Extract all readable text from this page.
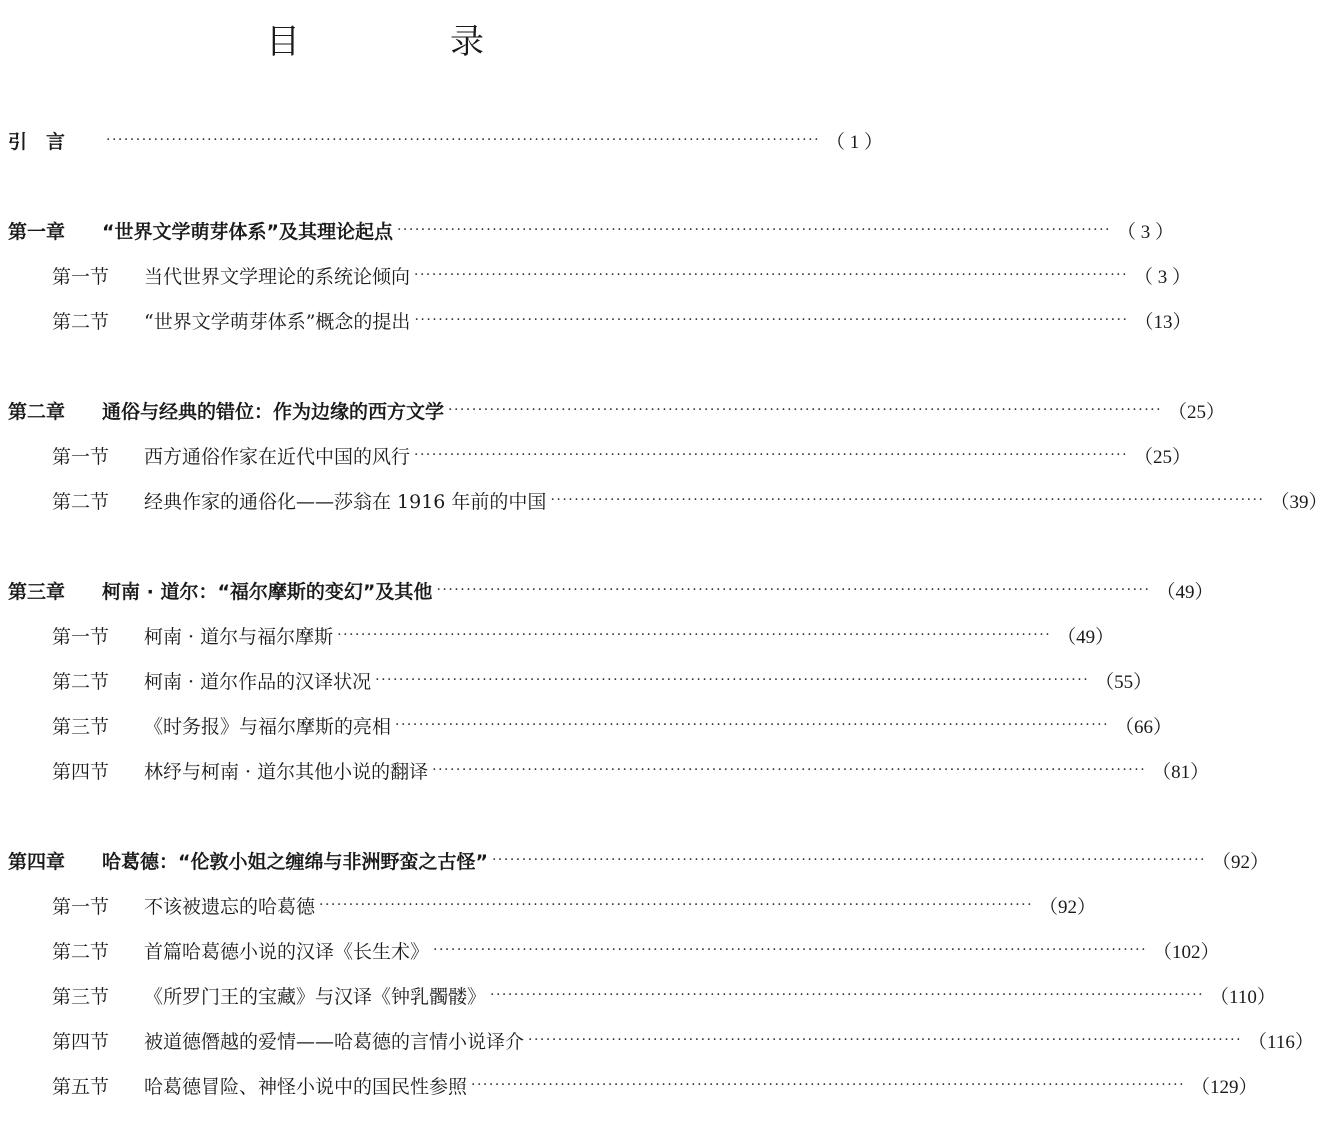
目　录
引　言	························································································································ （ 1 ）
第一章	“世界文学萌芽体系”及其理论起点 ························································································································ （ 3 ）
第一节	当代世界文学理论的系统论倾向 ························································································································ （ 3 ）
第二节	“世界文学萌芽体系”概念的提出 ························································································································ （13）
第二章	通俗与经典的错位：作为边缘的西方文学 ························································································································ （25）
第一节	西方通俗作家在近代中国的风行 ························································································································ （25）
第二节	经典作家的通俗化——莎翁在 1916 年前的中国 ························································································································ （39）
第三章	柯南 · 道尔：“福尔摩斯的变幻”及其他 ························································································································ （49）
第一节	柯南 · 道尔与福尔摩斯 ························································································································ （49）
第二节	柯南 · 道尔作品的汉译状况 ························································································································ （55）
第三节	《时务报》与福尔摩斯的亮相 ························································································································ （66）
第四节	林纾与柯南 · 道尔其他小说的翻译 ························································································································ （81）
第四章	哈葛德：“伦敦小姐之缠绵与非洲野蛮之古怪” ························································································································ （92）
第一节	不该被遗忘的哈葛德 ························································································································ （92）
第二节	首篇哈葛德小说的汉译《长生术》 ························································································································ （102）
第三节	《所罗门王的宝藏》与汉译《钟乳髑髅》 ························································································································ （110）
第四节	被道德僭越的爱情——哈葛德的言情小说译介 ························································································································ （116）
第五节	哈葛德冒险、神怪小说中的国民性参照 ························································································································ （129）
